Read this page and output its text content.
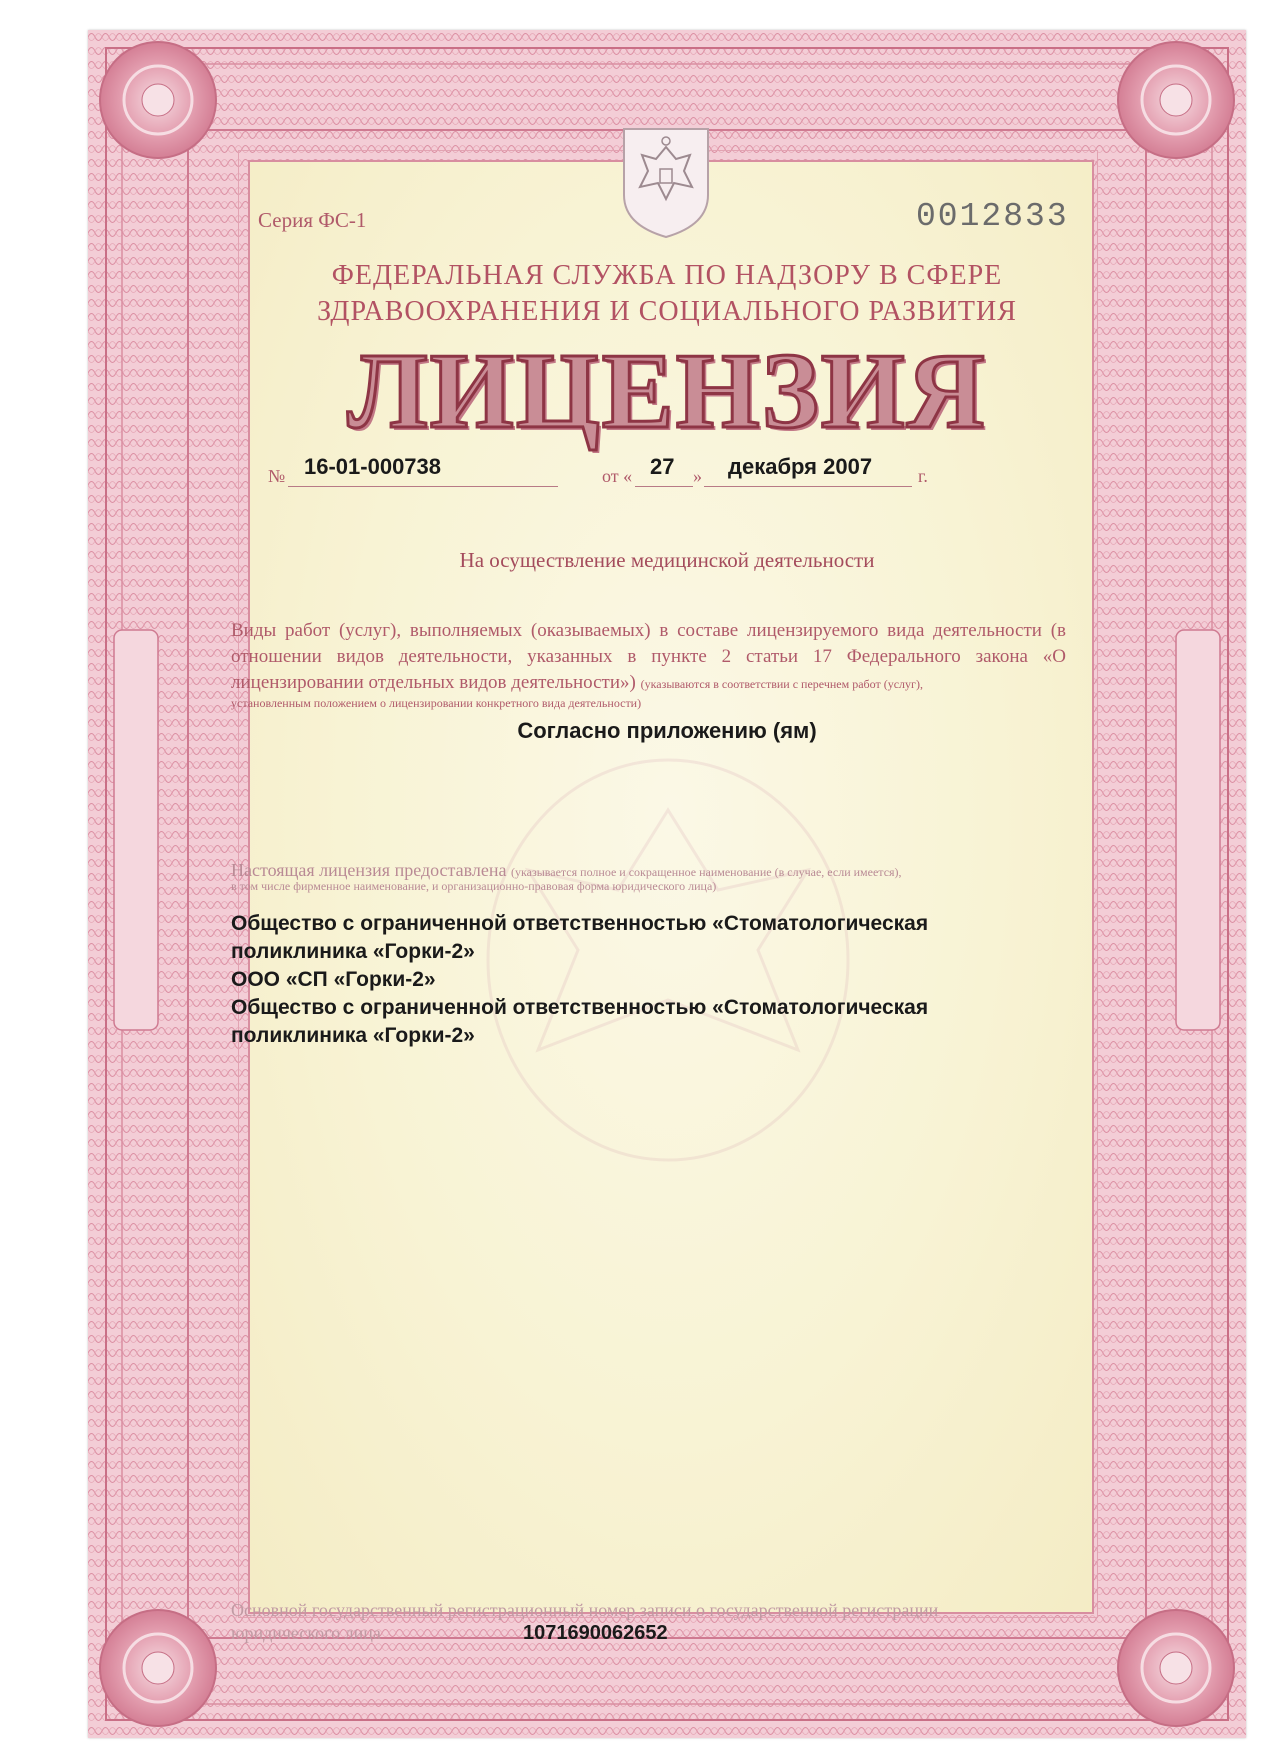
Серия ФС-1	0012833
ФЕДЕРАЛЬНАЯ СЛУЖБА ПО НАДЗОРУ В СФЕРЕ
ЗДРАВООХРАНЕНИЯ И СОЦИАЛЬНОГО РАЗВИТИЯ
ЛИЦЕНЗИЯ
№ 16-01-000738	от « 27 » декабря 2007	г.
На осуществление медицинской деятельности
Виды работ (услуг), выполняемых (оказываемых) в составе лицензируемого вида деятельности (в отношении видов деятельности, указанных в пункте 2 статьи 17 Федерального закона «О лицензировании отдельных видов деятельности») (указываются в соответствии с перечнем работ (услуг),
установленным положением о лицензировании конкретного вида деятельности)
Согласно приложению (ям)
Настоящая лицензия предоставлена (указывается полное и сокращенное наименование (в случае, если имеется),
в том числе фирменное наименование, и организационно-правовая форма юридического лица)
Общество с ограниченной ответственностью «Стоматологическая
поликлиника «Горки-2»
ООО «СП «Горки-2»
Общество с ограниченной ответственностью «Стоматологическая
поликлиника «Горки-2»
Основной государственный регистрационный номер записи о государственной регистрации
юридического лица	1071690062652
